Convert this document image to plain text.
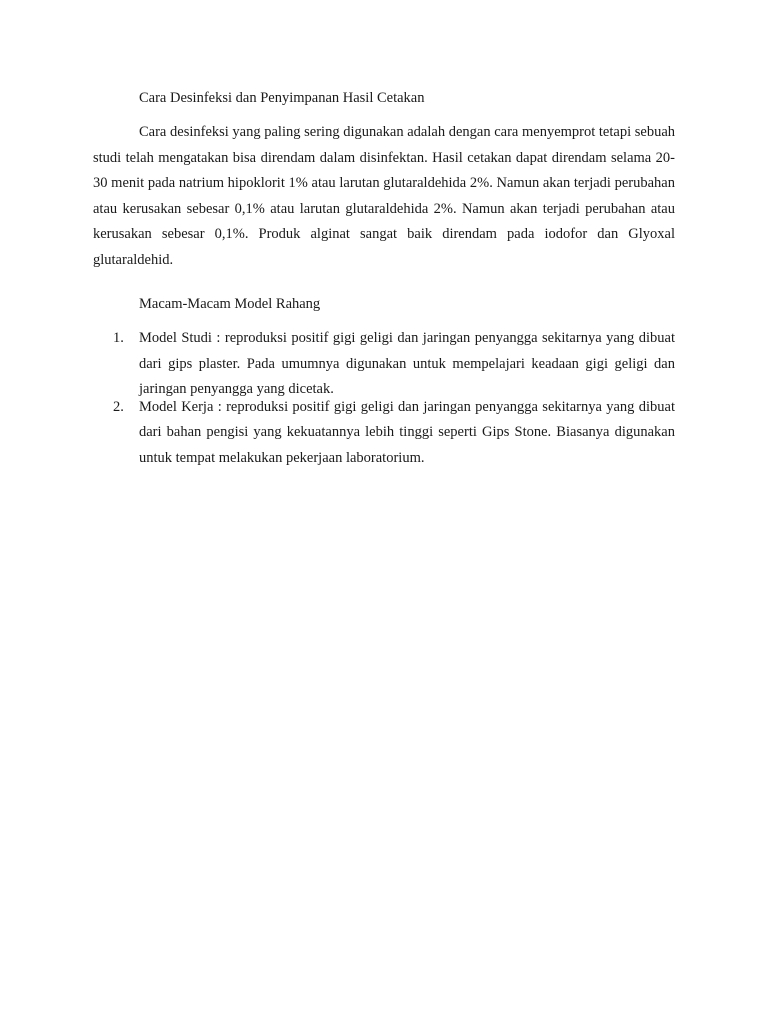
Cara Desinfeksi dan Penyimpanan Hasil Cetakan

Cara desinfeksi yang paling sering digunakan adalah dengan cara menyemprot tetapi sebuah studi telah mengatakan bisa direndam dalam disinfektan. Hasil cetakan dapat direndam selama 20-30 menit pada natrium hipoklorit 1% atau larutan glutaraldehida 2%. Namun akan terjadi perubahan atau kerusakan sebesar 0,1% atau larutan glutaraldehida 2%. Namun akan terjadi perubahan atau kerusakan sebesar 0,1%. Produk alginat sangat baik direndam pada iodofor dan Glyoxal glutaraldehid.

Macam-Macam Model Rahang

1. Model Studi : reproduksi positif gigi geligi dan jaringan penyangga sekitarnya yang dibuat dari gips plaster. Pada umumnya digunakan untuk mempelajari keadaan gigi geligi dan jaringan penyangga yang dicetak.
2. Model Kerja : reproduksi positif gigi geligi dan jaringan penyangga sekitarnya yang dibuat dari bahan pengisi yang kekuatannya lebih tinggi seperti Gips Stone. Biasanya digunakan untuk tempat melakukan pekerjaan laboratorium.
